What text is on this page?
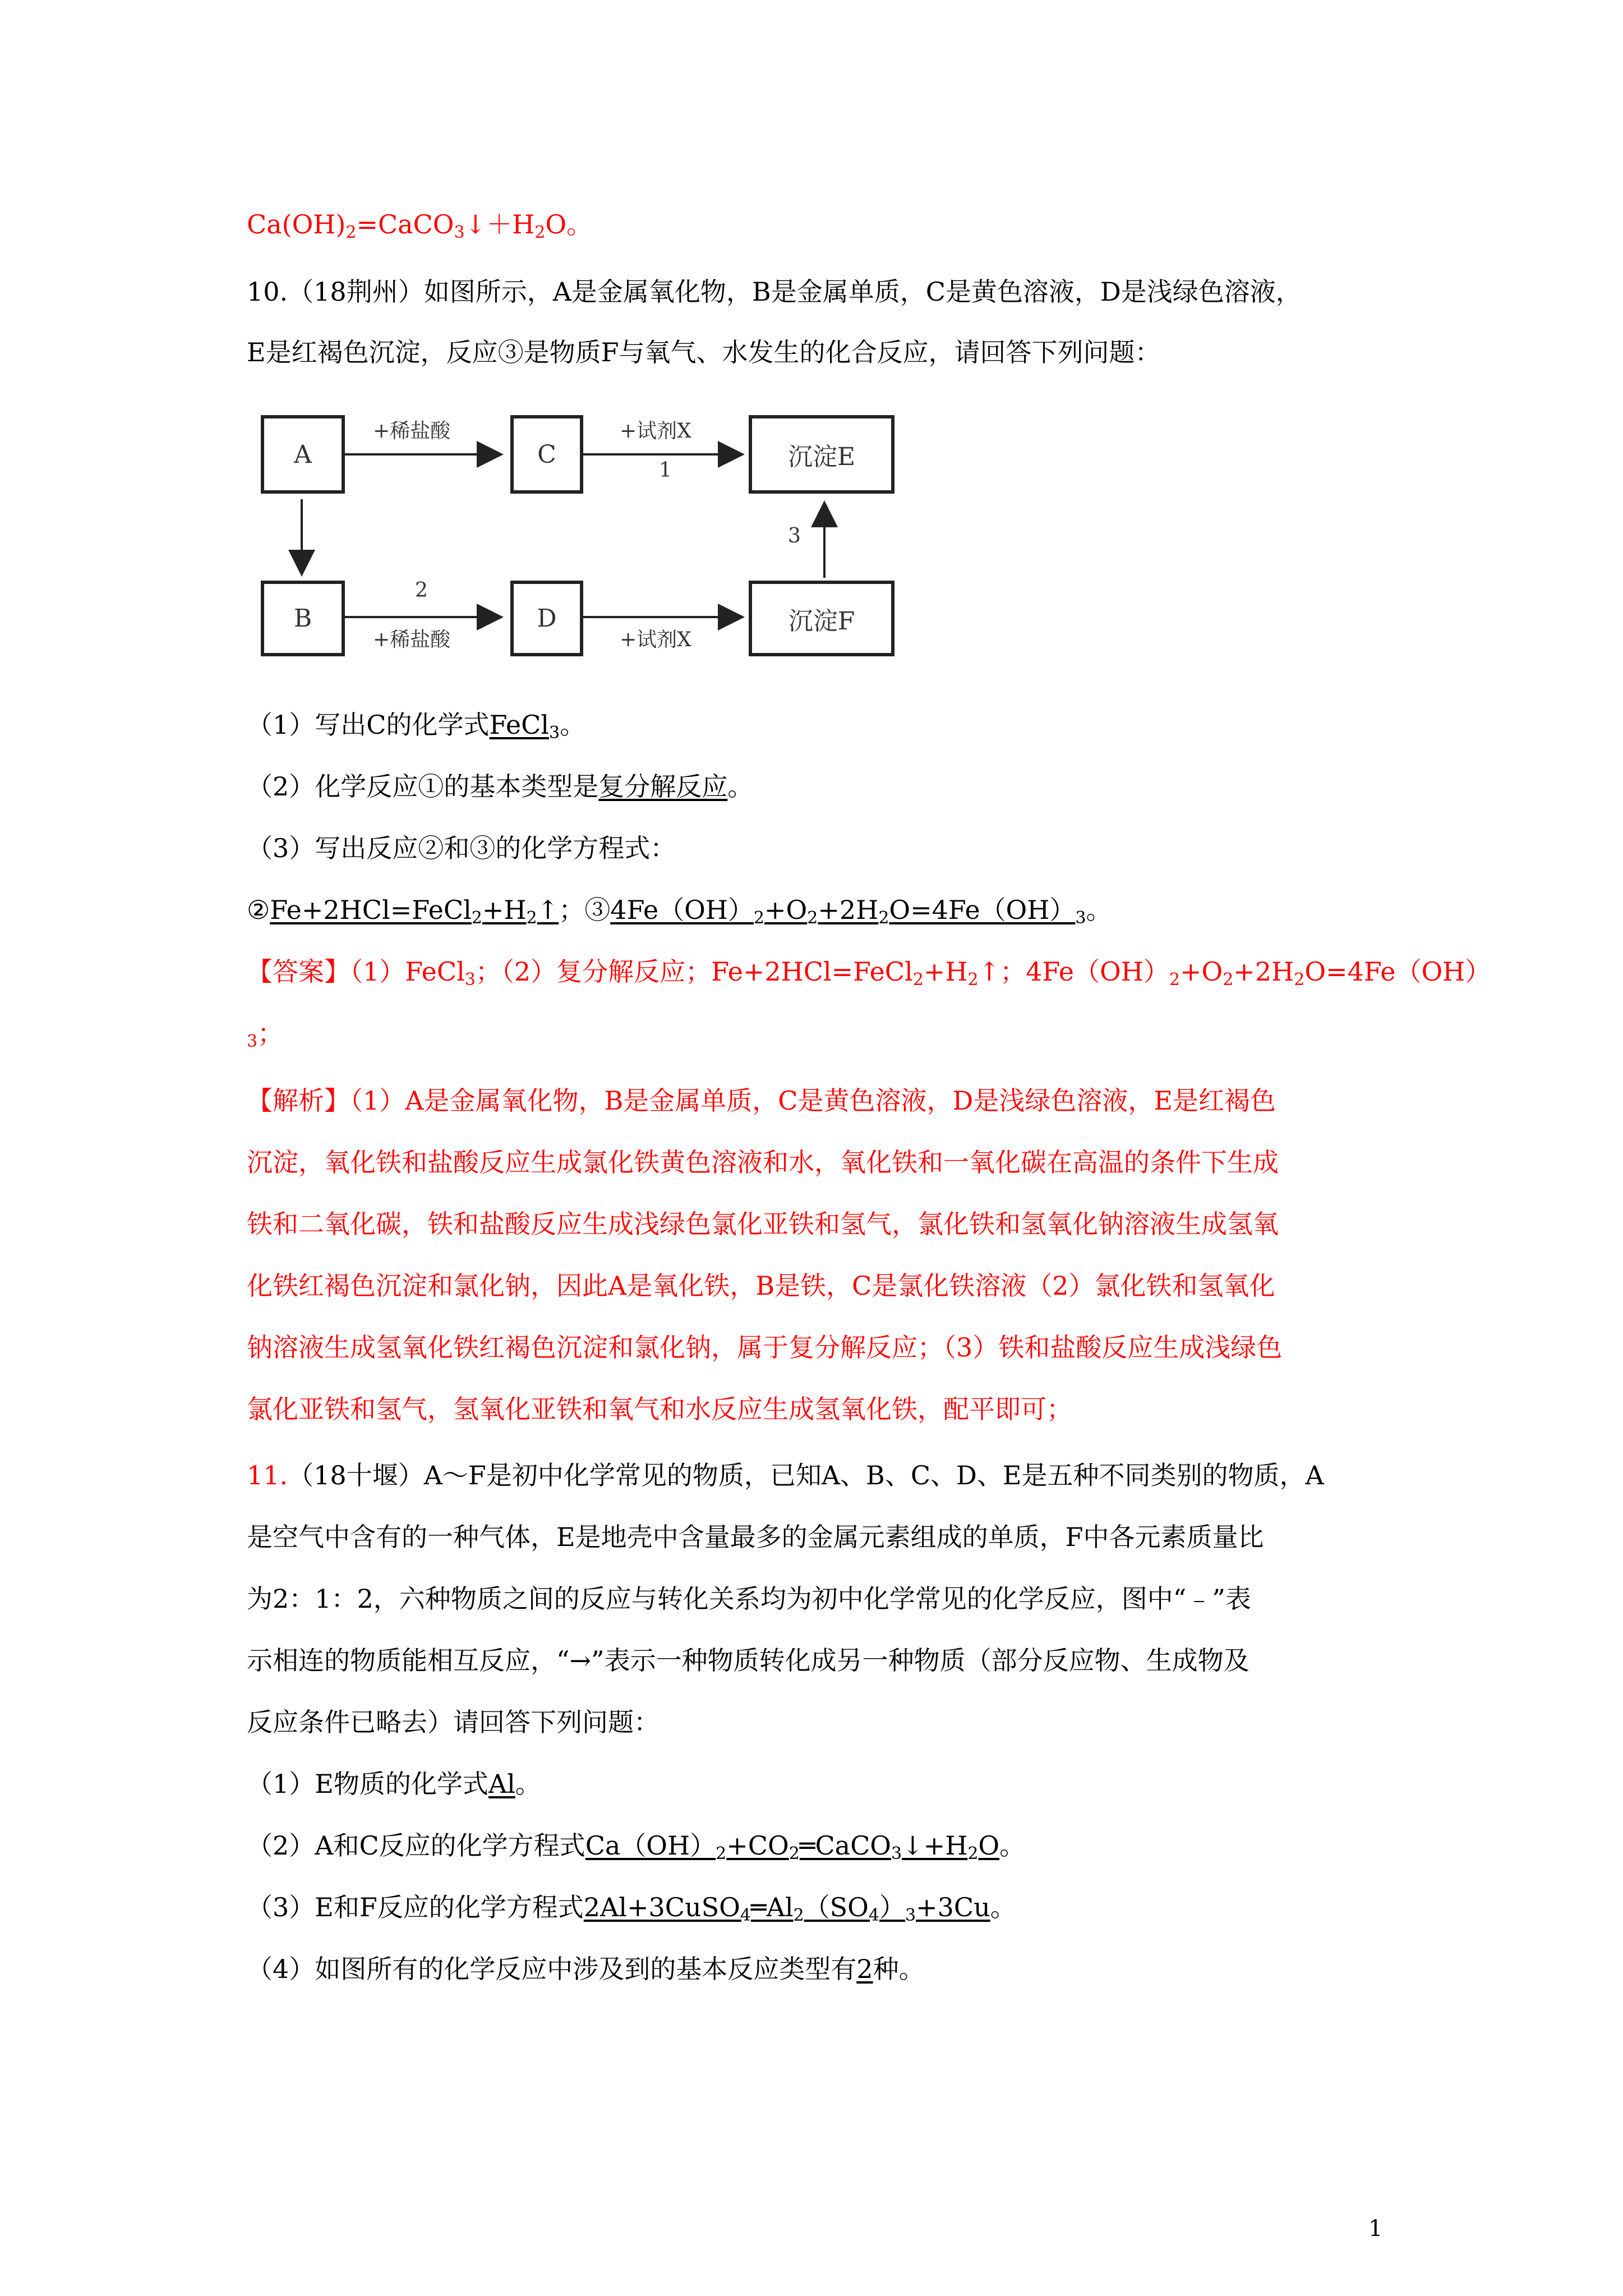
$Ca(OH)_2=CaCO_3↓+H_2O$。
10.（18荆州）如图所示，A是金属氧化物，B是金属单质，C是黄色溶液，D是浅绿色溶液，
E是红褐色沉淀，反应③是物质F与氧气、水发生的化合反应，请回答下列问题：
A	C	沉淀E
B	D	沉淀F
+稀盐酸	+试剂X
1
2
+稀盐酸	+试剂X
3
（1）写出C的化学式FeCl$_3$。
（2）化学反应①的基本类型是复分解反应。
（3）写出反应②和③的化学方程式：
$②Fe+2HCl=FeCl_2+H_2↑$；$③4Fe(OH)_2+O_2+2H_2O=4Fe(OH)_3$。
【答案】（1）FeCl$_3$；（2）复分解反应；$Fe+2HCl=FeCl_2+H_2↑$；$4Fe(OH)_2+O_2+2H_2O=4Fe(OH)$
$_3$；
【解析】（1）A是金属氧化物，B是金属单质，C是黄色溶液，D是浅绿色溶液，E是红褐色
沉淀，氧化铁和盐酸反应生成氯化铁黄色溶液和水，氧化铁和一氧化碳在高温的条件下生成
铁和二氧化碳，铁和盐酸反应生成浅绿色氯化亚铁和氢气，氯化铁和氢氧化钠溶液生成氢氧
化铁红褐色沉淀和氯化钠，因此A是氧化铁，B是铁，C是氯化铁溶液（2）氯化铁和氢氧化
钠溶液生成氢氧化铁红褐色沉淀和氯化钠，属于复分解反应；（3）铁和盐酸反应生成浅绿色
氯化亚铁和氢气，氢氧化亚铁和氧气和水反应生成氢氧化铁，配平即可；
11.（18十堰）A～F是初中化学常见的物质，已知A、B、C、D、E是五种不同类别的物质，A
是空气中含有的一种气体，E是地壳中含量最多的金属元素组成的单质，F中各元素质量比
为2：1：2，六种物质之间的反应与转化关系均为初中化学常见的化学反应，图中“﹣”表
示相连的物质能相互反应，“→”表示一种物质转化成另一种物质（部分反应物、生成物及
反应条件已略去）请回答下列问题：
（1）E物质的化学式Al。
（2）A和C反应的化学方程式$Ca(OH)_2+CO_2═CaCO_3↓+H_2O$。
（3）E和F反应的化学方程式$2Al+3CuSO_4═Al_2(SO_4)_3+3Cu$。
（4）如图所有的化学反应中涉及到的基本反应类型有2种。
1
